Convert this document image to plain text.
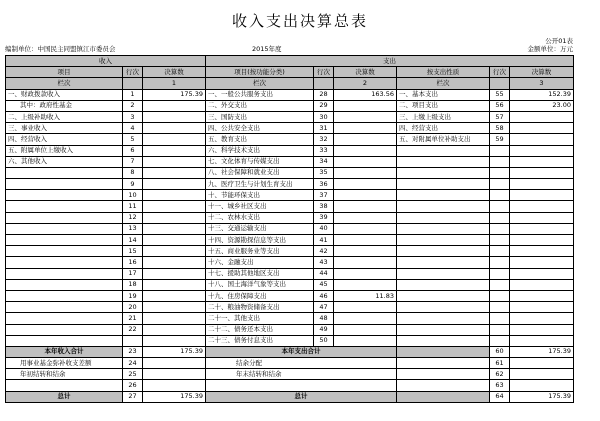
收入支出决算总表
公开01表
编制单位：中国民主同盟镇江市委员会	2015年度	金额单位：万元
收入			支出					
项目	行次	决算数	项目(按功能分类)	行次	决算数	按支出性质	行次	决算数
栏次		1	栏次		2	栏次		3
一、财政拨款收入	1	175.39	一、一般公共服务支出	28	163.56	一、基本支出	55	152.39
其中：政府性基金	2		二、外交支出	29		二、项目支出	56	23.00
二、上级补助收入	3		三、国防支出	30		三、上缴上级支出	57	
三、事业收入	4		四、公共安全支出	31		四、经营支出	58	
四、经营收入	5		五、教育支出	32		五、对附属单位补助支出	59	
五、附属单位上缴收入	6		六、科学技术支出	33				
六、其他收入	7		七、文化体育与传媒支出	34				
	8		八、社会保障和就业支出	35				
	9		九、医疗卫生与计划生育支出	36				
	10		十、节能环保支出	37				
	11		十一、城乡社区支出	38				
	12		十二、农林水支出	39				
	13		十三、交通运输支出	40				
	14		十四、资源勘探信息等支出	41				
	15		十五、商业服务业等支出	42				
	16		十六、金融支出	43				
	17		十七、援助其他地区支出	44				
	18		十八、国土海洋气象等支出	45				
	19		十九、住房保障支出	46	11.83			
	20		二十、粮油物资储备支出	47				
	21		二十一、其他支出	48				
	22		二十二、债务还本支出	49				
			二十三、债务付息支出	50				
本年收入合计	23	175.39	本年支出合计				60	175.39
用事业基金弥补收支差额	24		结余分配				61	
年初结转和结余	25		年末结转和结余				62	
	26						63	
总计	27	175.39	总计				64	175.39
